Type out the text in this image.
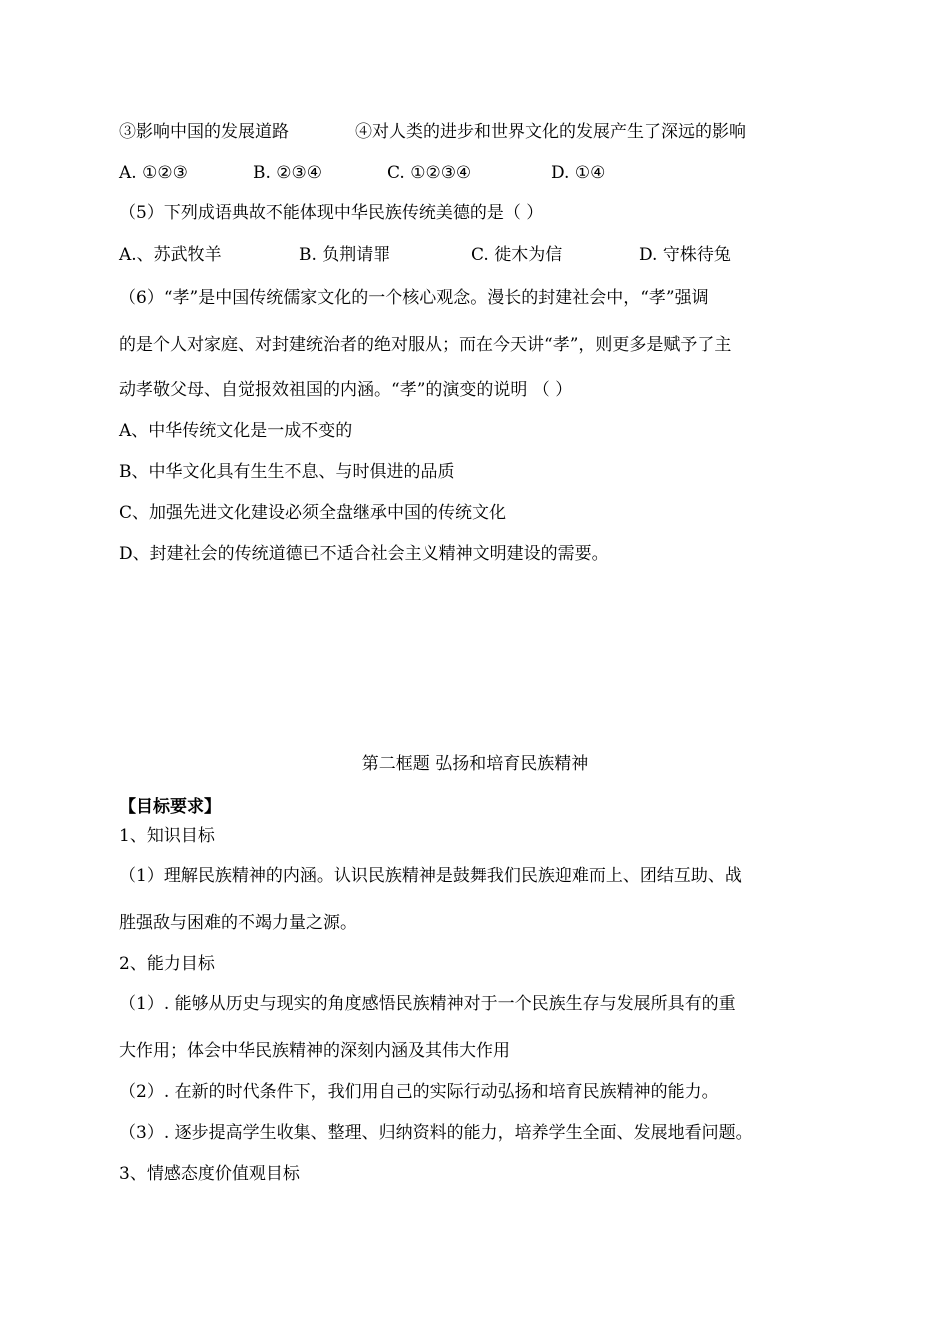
③影响中国的发展道路	④对人类的进步和世界文化的发展产生了深远的影响
A. ①②③	B. ②③④	C. ①②③④	D. ①④
（5）下列成语典故不能体现中华民族传统美德的是（ ）
A.、苏武牧羊	B. 负荆请罪	C. 徙木为信	D. 守株待兔
（6）“孝”是中国传统儒家文化的一个核心观念。漫长的封建社会中，“孝”强调
的是个人对家庭、对封建统治者的绝对服从；而在今天讲“孝”，则更多是赋予了主
动孝敬父母、自觉报效祖国的内涵。“孝”的演变的说明 （ ）
A、中华传统文化是一成不变的
B、中华文化具有生生不息、与时俱进的品质
C、加强先进文化建设必须全盘继承中国的传统文化
D、封建社会的传统道德已不适合社会主义精神文明建设的需要。
第二框题 弘扬和培育民族精神
【目标要求】
1、知识目标
（1）理解民族精神的内涵。认识民族精神是鼓舞我们民族迎难而上、团结互助、战
胜强敌与困难的不竭力量之源。
2、能力目标
（1）. 能够从历史与现实的角度感悟民族精神对于一个民族生存与发展所具有的重
大作用；体会中华民族精神的深刻内涵及其伟大作用
（2）. 在新的时代条件下，我们用自己的实际行动弘扬和培育民族精神的能力。
（3）. 逐步提高学生收集、整理、归纳资料的能力，培养学生全面、发展地看问题。
3、情感态度价值观目标
